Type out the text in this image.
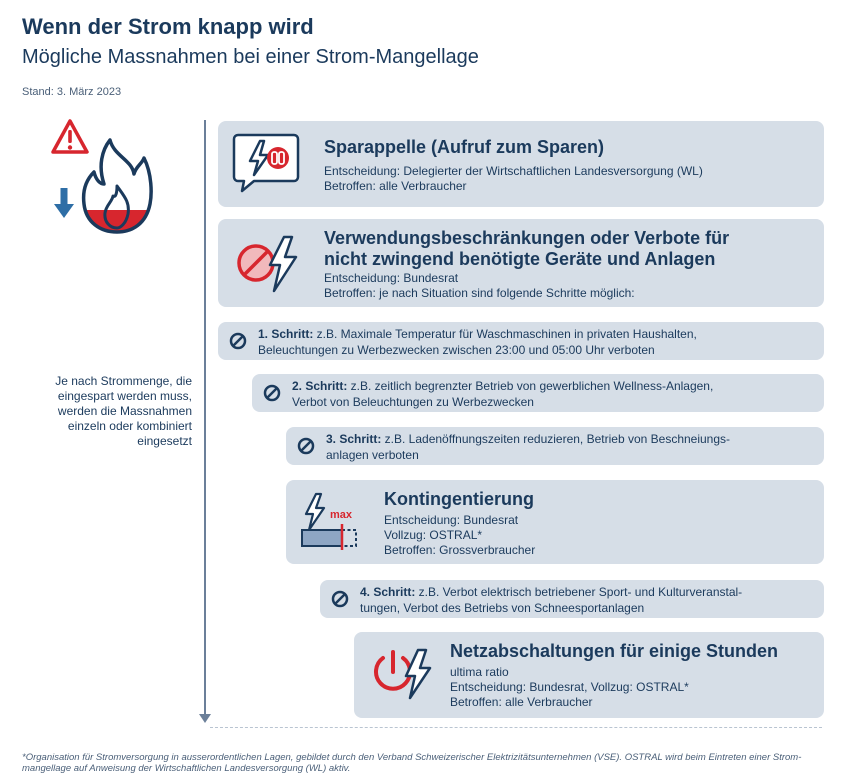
Wenn der Strom knapp wird
Mögliche Massnahmen bei einer Strom-Mangellage
Stand: 3. März 2023
Je nach Strommenge, die eingespart werden muss, werden die Massnahmen einzeln oder kombiniert eingesetzt
Sparappelle (Aufruf zum Sparen)
Entscheidung: Delegierter der Wirtschaftlichen Landesversorgung (WL)
Betroffen: alle Verbraucher
Verwendungsbeschränkungen oder Verbote für
nicht zwingend benötigte Geräte und Anlagen
Entscheidung: Bundesrat
Betroffen: je nach Situation sind folgende Schritte möglich:
1. Schritt: z.B. Maximale Temperatur für Waschmaschinen in privaten Haushalten,
Beleuchtungen zu Werbezwecken zwischen 23:00 und 05:00 Uhr verboten
2. Schritt: z.B. zeitlich begrenzter Betrieb von gewerblichen Wellness-Anlagen,
Verbot von Beleuchtungen zu Werbezwecken
3. Schritt: z.B. Ladenöffnungszeiten reduzieren, Betrieb von Beschneiungs-
anlagen verboten
max
Kontingentierung
Entscheidung: Bundesrat
Vollzug: OSTRAL*
Betroffen: Grossverbraucher
4. Schritt: z.B. Verbot elektrisch betriebener Sport- und Kulturveranstal-
tungen, Verbot des Betriebs von Schneesportanlagen
Netzabschaltungen für einige Stunden
ultima ratio
Entscheidung: Bundesrat, Vollzug: OSTRAL*
Betroffen: alle Verbraucher
*Organisation für Stromversorgung in ausserordentlichen Lagen, gebildet durch den Verband Schweizerischer Elektrizitätsunternehmen (VSE). OSTRAL wird beim Eintreten einer Strom-mangellage auf Anweisung der Wirtschaftlichen Landesversorgung (WL) aktiv.
